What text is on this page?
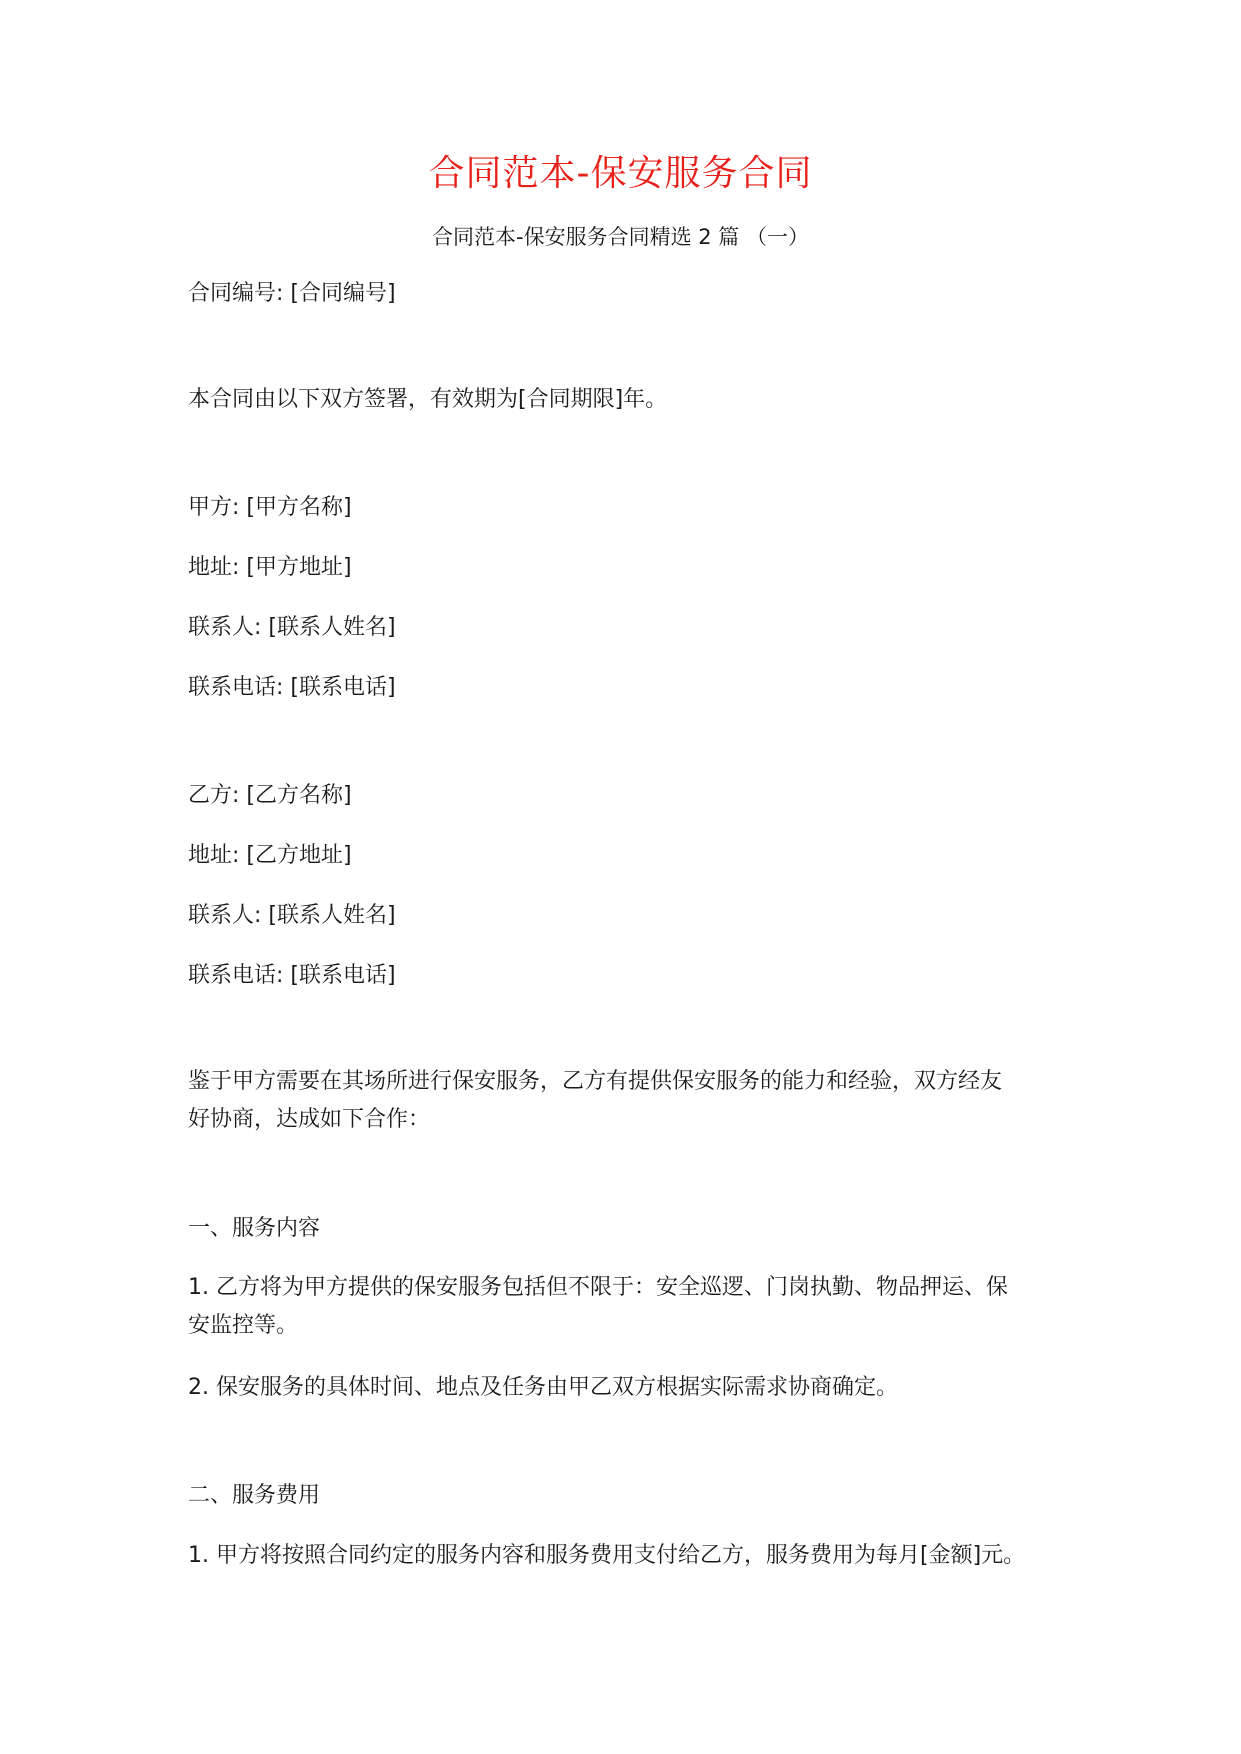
合同范本-保安服务合同

合同范本-保安服务合同精选 2 篇 （一）

合同编号: [合同编号]

本合同由以下双方签署，有效期为[合同期限]年。

甲方: [甲方名称]

地址: [甲方地址]

联系人: [联系人姓名]

联系电话: [联系电话]

乙方: [乙方名称]

地址: [乙方地址]

联系人: [联系人姓名]

联系电话: [联系电话]

鉴于甲方需要在其场所进行保安服务，乙方有提供保安服务的能力和经验，双方经友

好协商，达成如下合作：

一、服务内容

1. 乙方将为甲方提供的保安服务包括但不限于：安全巡逻、门岗执勤、物品押运、保

安监控等。

2. 保安服务的具体时间、地点及任务由甲乙双方根据实际需求协商确定。

二、服务费用

1. 甲方将按照合同约定的服务内容和服务费用支付给乙方，服务费用为每月[金额]元。
